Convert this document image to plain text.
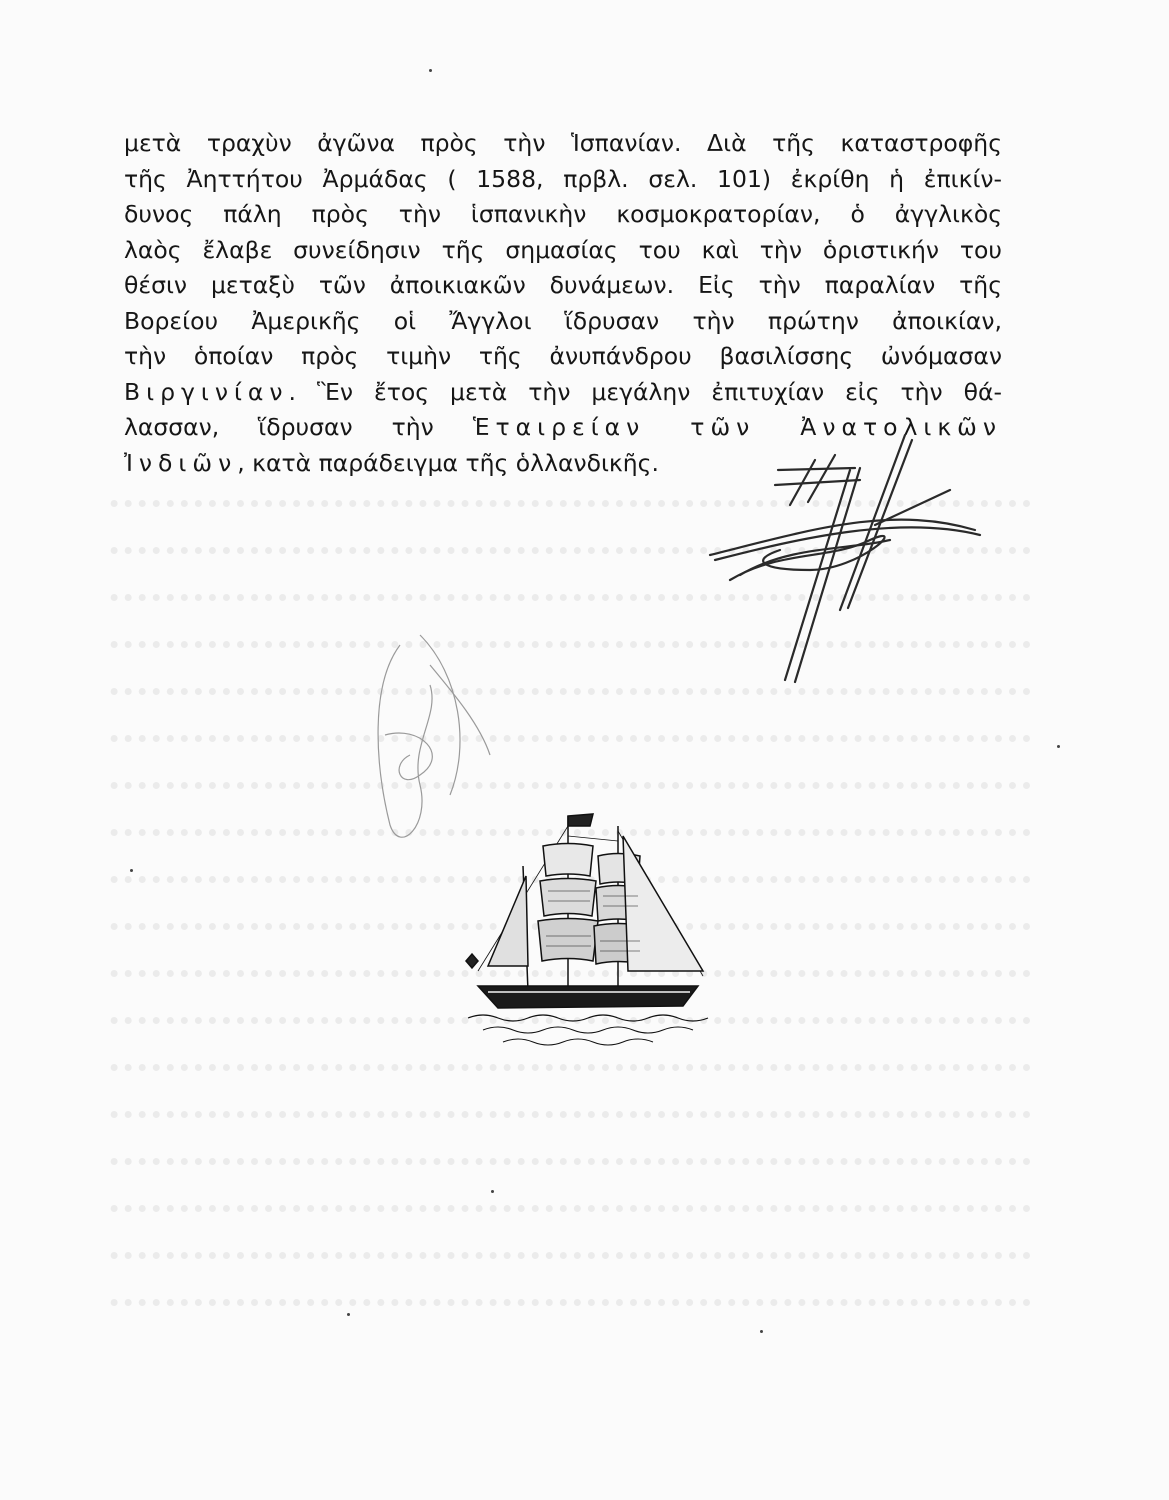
μετὰ τραχὺν ἀγῶνα πρὸς τὴν Ἱσπανίαν. Διὰ τῆς καταστροφῆς
τῆς Ἀηττήτου Ἀρμάδας ( 1588, πρβλ. σελ. 101) ἐκρίθη ἡ ἐπικίν-
δυνος πάλη πρὸς τὴν ἱσπανικὴν κοσμοκρατορίαν, ὁ ἀγγλικὸς
λαὸς ἔλαβε συνείδησιν τῆς σημασίας του καὶ τὴν ὁριστικήν του
θέσιν μεταξὺ τῶν ἀποικιακῶν δυνάμεων. Εἰς τὴν παραλίαν τῆς
Βορείου Ἀμερικῆς οἱ Ἄγγλοι ἵδρυσαν τὴν πρώτην ἀποικίαν,
τὴν ὁποίαν πρὸς τιμὴν τῆς ἀνυπάνδρου βασιλίσσης ὠνόμασαν
Βιργινίαν. Ἓν ἔτος μετὰ τὴν μεγάλην ἐπιτυχίαν εἰς τὴν θά-
λασσαν, ἵδρυσαν τὴν Ἑταιρείαν τῶν Ἀνατολικῶν
Ἰνδιῶν, κατὰ παράδειγμα τῆς ὁλλανδικῆς.
